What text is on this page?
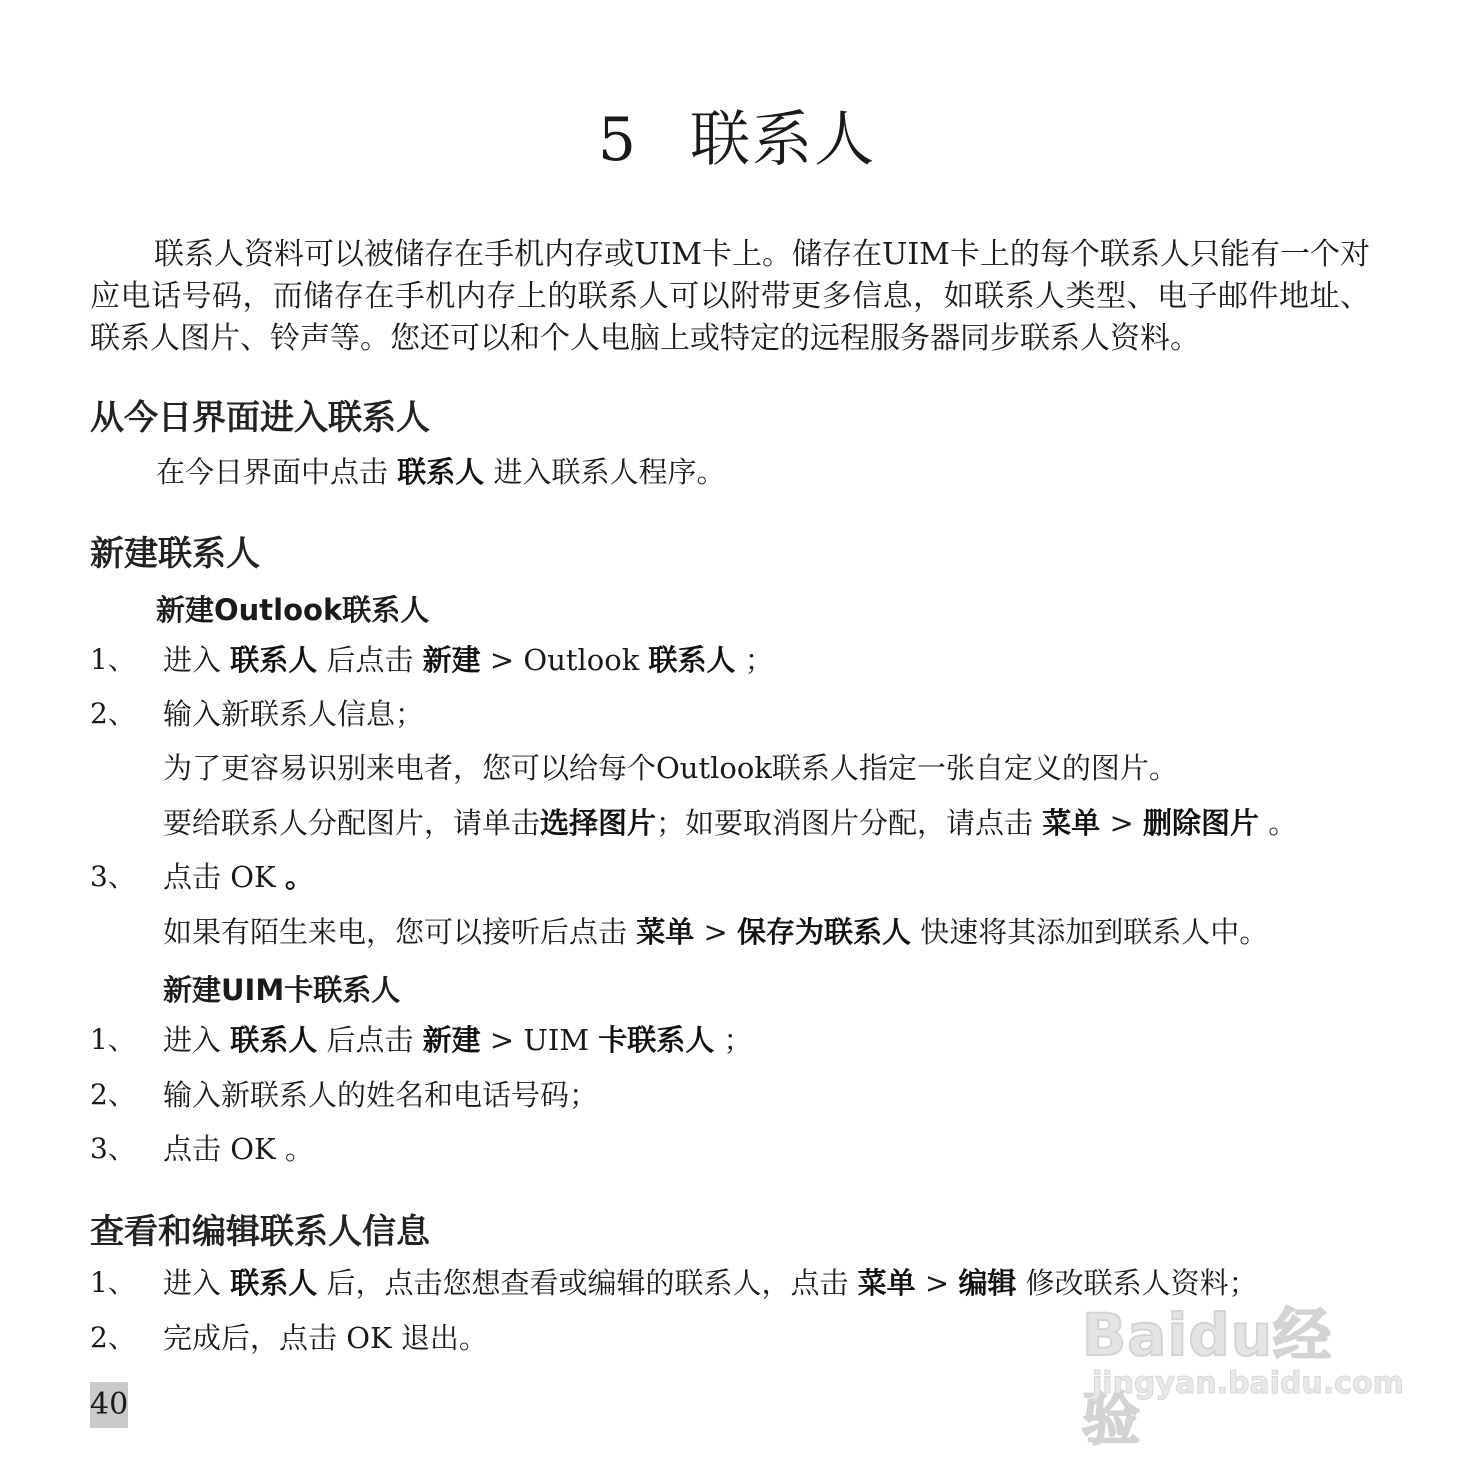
5 联系人
联系人资料可以被储存在手机内存或UIM卡上。储存在UIM卡上的每个联系人只能有一个对应电话号码，而储存在手机内存上的联系人可以附带更多信息，如联系人类型、电子邮件地址、联系人图片、铃声等。您还可以和个人电脑上或特定的远程服务器同步联系人资料。
从今日界面进入联系人
在今日界面中点击 联系人 进入联系人程序。
新建联系人
新建Outlook联系人
1、 进入 联系人 后点击 新建 > Outlook 联系人 ；
2、 输入新联系人信息；
为了更容易识别来电者，您可以给每个Outlook联系人指定一张自定义的图片。
要给联系人分配图片，请单击选择图片；如要取消图片分配，请点击 菜单 > 删除图片 。
3、 点击 OK 。
如果有陌生来电，您可以接听后点击 菜单 > 保存为联系人 快速将其添加到联系人中。
新建UIM卡联系人
1、 进入 联系人 后点击 新建 > UIM 卡联系人 ；
2、 输入新联系人的姓名和电话号码；
3、 点击 OK 。
查看和编辑联系人信息
1、 进入 联系人 后，点击您想查看或编辑的联系人，点击 菜单 > 编辑 修改联系人资料；
2、 完成后，点击 OK 退出。
40
Baidu经验
jingyan.baidu.com
